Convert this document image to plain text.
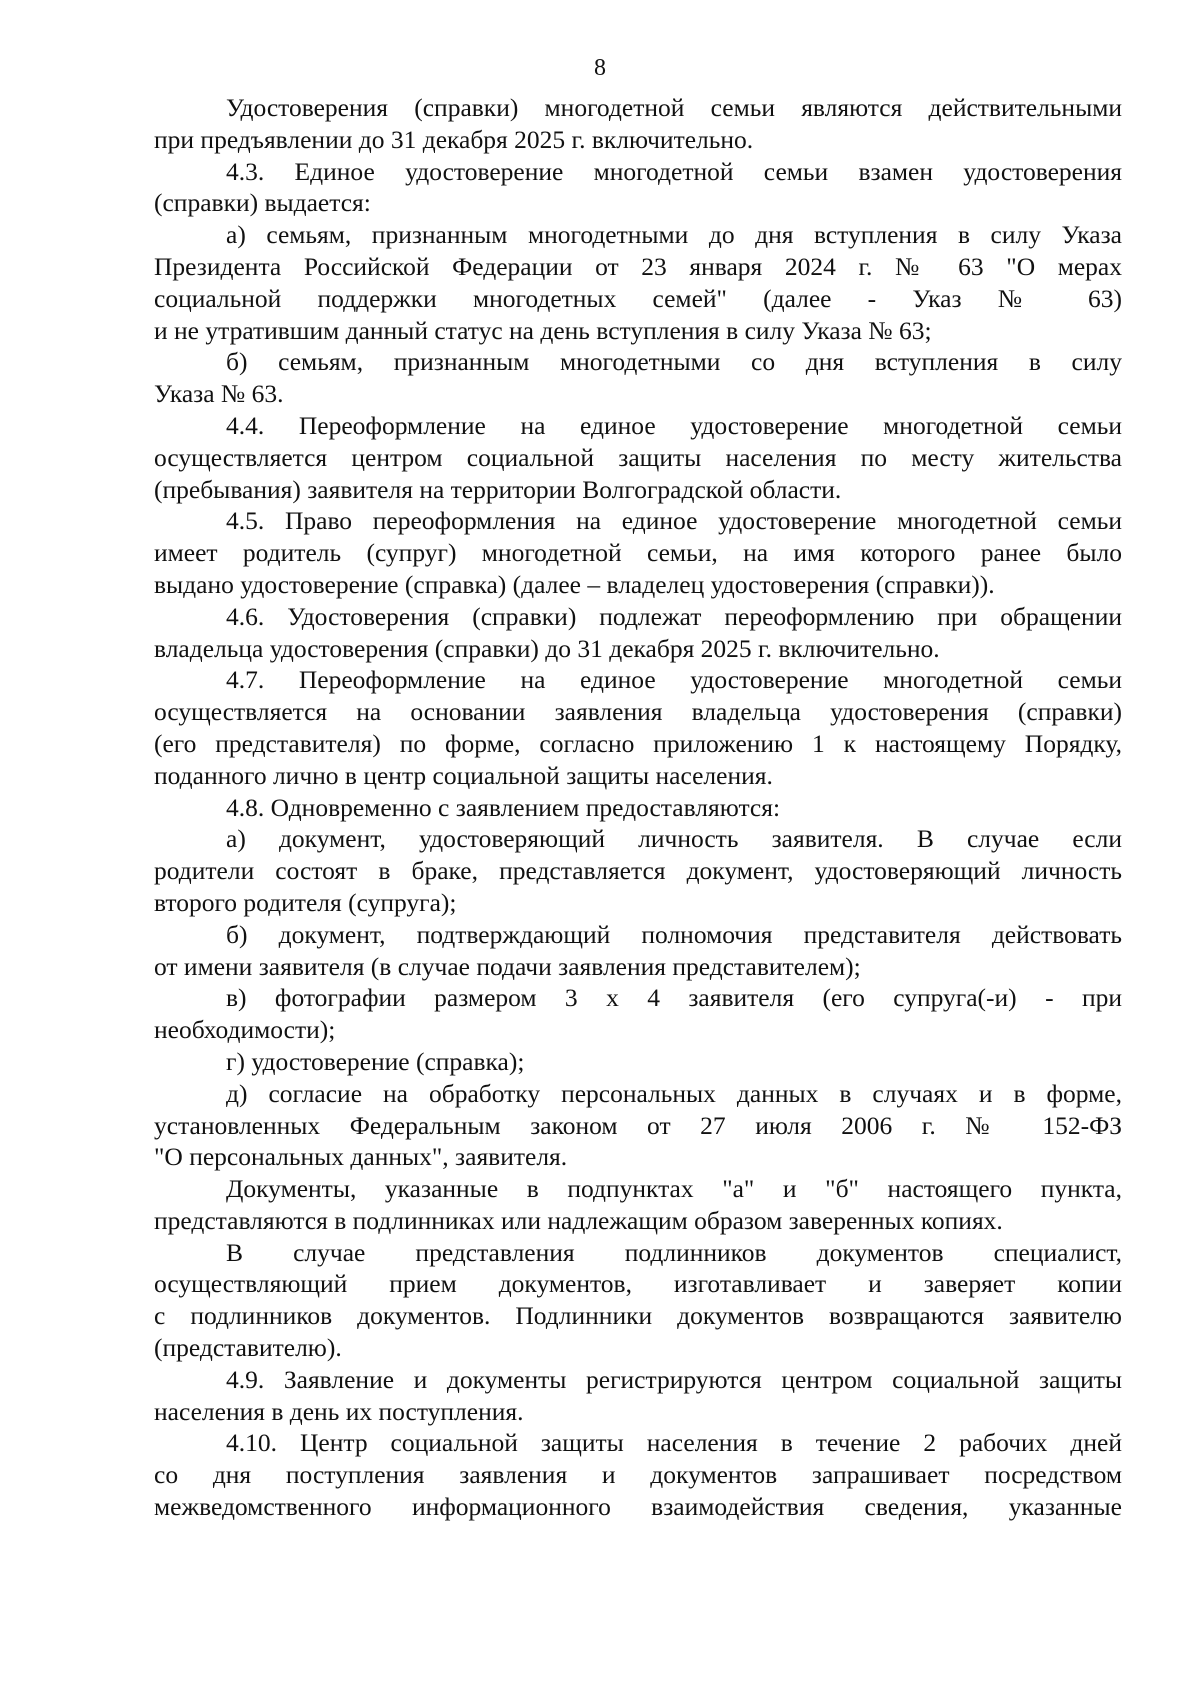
8
Удостоверения (справки) многодетной семьи являются действительными
при предъявлении до 31 декабря 2025 г. включительно.
4.3. Единое удостоверение многодетной семьи взамен удостоверения
(справки) выдается:
а) семьям, признанным многодетными до дня вступления в силу Указа
Президента Российской Федерации от 23 января 2024 г. № 63 "О мерах
социальной поддержки многодетных семей" (далее - Указ № 63)
и не утратившим данный статус на день вступления в силу Указа № 63;
б) семьям, признанным многодетными со дня вступления в силу
Указа № 63.
4.4. Переоформление на единое удостоверение многодетной семьи
осуществляется центром социальной защиты населения по месту жительства
(пребывания) заявителя на территории Волгоградской области.
4.5. Право переоформления на единое удостоверение многодетной семьи
имеет родитель (супруг) многодетной семьи, на имя которого ранее было
выдано удостоверение (справка) (далее – владелец удостоверения (справки)).
4.6. Удостоверения (справки) подлежат переоформлению при обращении
владельца удостоверения (справки) до 31 декабря 2025 г. включительно.
4.7. Переоформление на единое удостоверение многодетной семьи
осуществляется на основании заявления владельца удостоверения (справки)
(его представителя) по форме, согласно приложению 1 к настоящему Порядку,
поданного лично в центр социальной защиты населения.
4.8. Одновременно с заявлением предоставляются:
а) документ, удостоверяющий личность заявителя. В случае если
родители состоят в браке, представляется документ, удостоверяющий личность
второго родителя (супруга);
б) документ, подтверждающий полномочия представителя действовать
от имени заявителя (в случае подачи заявления представителем);
в) фотографии размером 3 х 4 заявителя (его супруга(-и) - при
необходимости);
г) удостоверение (справка);
д) согласие на обработку персональных данных в случаях и в форме,
установленных Федеральным законом от 27 июля 2006 г. № 152-ФЗ
"О персональных данных", заявителя.
Документы, указанные в подпунктах "а" и "б" настоящего пункта,
представляются в подлинниках или надлежащим образом заверенных копиях.
В случае представления подлинников документов специалист,
осуществляющий прием документов, изготавливает и заверяет копии
с подлинников документов. Подлинники документов возвращаются заявителю
(представителю).
4.9. Заявление и документы регистрируются центром социальной защиты
населения в день их поступления.
4.10. Центр социальной защиты населения в течение 2 рабочих дней
со дня поступления заявления и документов запрашивает посредством
межведомственного информационного взаимодействия сведения, указанные
